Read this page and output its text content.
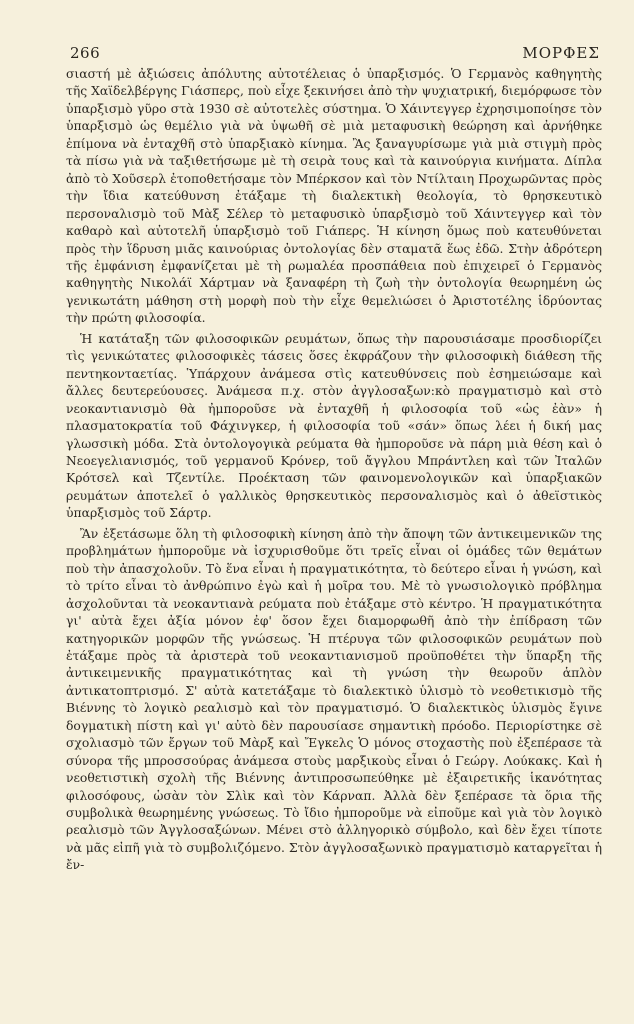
266	ΜΟΡΦΕΣ

σιαστή μὲ ἀξιώσεις ἀπόλυτης αὐτοτέλειας ὁ ὑπαρξισμός. Ὁ Γερμανὸς καθηγητὴς τῆς Χαϊδελβέργης Γιάσπερς, ποὺ εἶχε ξεκινήσει ἀπὸ τὴν ψυχιατρική, διεμόρφωσε τὸν ὑπαρξισμὸ γῦρο στὰ 1930 σὲ αὐτοτελὲς σύστημα. Ὁ Χάιντεγγερ ἐχρησιμοποίησε τὸν ὑπαρξισμὸ ὡς θεμέλιο γιὰ νὰ ὑψωθῆ σὲ μιὰ μεταφυσικὴ θεώρηση καὶ ἀρνήθηκε ἐπίμονα νὰ ἐνταχθῆ στὸ ὑπαρξιακὸ κίνημα. Ἂς ξαναγυρίσωμε γιὰ μιὰ στιγμὴ πρὸς τὰ πίσω γιὰ νὰ ταξιθετήσωμε μὲ τὴ σειρὰ τους καὶ τὰ καινούργια κινήματα. Δίπλα ἀπὸ τὸ Χοῦσερλ ἐτοποθετήσαμε τὸν Μπέρκσον καὶ τὸν Ντίλταιη Προχωρῶντας πρὸς τὴν ἴδια κατεύθυνση ἐτάξαμε τὴ διαλεκτικὴ θεολογία, τὸ θρησκευτικὸ περσοναλισμὸ τοῦ Μὰξ Σέλερ τὸ μεταφυσικὸ ὑπαρξισμὸ τοῦ Χάιντεγγερ καὶ τὸν καθαρὸ καὶ αὐτοτελῆ ὑπαρξισμὸ τοῦ Γιάπερς. Ἡ κίνηση ὅμως ποὺ κατευθύνεται πρὸς τὴν ἵδρυση μιᾶς καινούριας ὀντολογίας δὲν σταματᾶ ἕως ἐδῶ. Στὴν ἀδρότερη τῆς ἐμφάνιση ἐμφανίζεται μὲ τὴ ρωμαλέα προσπάθεια ποὺ ἐπιχειρεῖ ὁ Γερμανὸς καθηγητὴς Νικολάϊ Χάρτμαν νὰ ξαναφέρη τὴ ζωὴ τὴν ὀντολογία θεωρημένη ὡς γενικωτάτη μάθηση στὴ μορφὴ ποὺ τὴν εἶχε θεμελιώσει ὁ Ἀριστοτέλης ἱδρύοντας τὴν πρώτη φιλοσοφία.

Ἡ κατάταξη τῶν φιλοσοφικῶν ρευμάτων, ὅπως τὴν παρουσιάσαμε προσδιορίζει τὶς γενικώτατες φιλοσοφικὲς τάσεις ὅσες ἐκφράζουν τὴν φιλοσοφικὴ διάθεση τῆς πεντηκονταετίας. Ὑπάρχουν ἀνάμεσα στὶς κατευθύνσεις ποὺ ἐσημειώσαμε καὶ ἄλλες δευτερεύουσες. Ἀνάμεσα π.χ. στὸν ἀγγλοσαξων:κὸ πραγματισμὸ καὶ στὸ νεοκαντιανισμὸ θὰ ἠμποροῦσε νὰ ἐνταχθῆ ἡ φιλοσοφία τοῦ «ὡς ἐὰν» ἡ πλασματοκρατία τοῦ Φάχινγκερ, ἡ φιλοσοφία τοῦ «σάν» ὅπως λέει ἡ δική μας γλωσσικὴ μόδα. Στὰ ὀντολογογικὰ ρεύματα θὰ ἠμποροῦσε νὰ πάρη μιὰ θέση καὶ ὁ Νεοεγελιανισμός, τοῦ γερμανοῦ Κρόνερ, τοῦ ἄγγλου Μπράντλεη καὶ τῶν Ἰταλῶν Κρότσελ καὶ Τζεντίλε. Προέκταση τῶν φαινομενολογικῶν καὶ ὑπαρξιακῶν ρευμάτων ἀποτελεῖ ὁ γαλλικὸς θρησκευτικὸς περσοναλισμὸς καὶ ὁ ἀθεϊστικὸς ὑπαρξισμὸς τοῦ Σάρτρ.

Ἂν ἐξετάσωμε ὅλη τὴ φιλοσοφικὴ κίνηση ἀπὸ τὴν ἄποψη τῶν ἀντικειμενικῶν της προβλημάτων ἠμποροῦμε νὰ ἰσχυρισθοῦμε ὅτι τρεῖς εἶναι οἱ ὁμάδες τῶν θεμάτων ποὺ τὴν ἀπασχολοῦν. Τὸ ἕνα εἶναι ἡ πραγματικότητα, τὸ δεύτερο εἶναι ἡ γνώση, καὶ τὸ τρίτο εἶναι τὸ ἀνθρώπινο ἐγὼ καὶ ἡ μοῖρα του. Μὲ τὸ γνωσιολογικὸ πρόβλημα ἀσχολοῦνται τὰ νεοκαντιανὰ ρεύματα ποὺ ἐτάξαμε στὸ κέντρο. Ἡ πραγματικότητα γι' αὐτὰ ἔχει ἀξία μόνον ἐφ' ὅσον ἔχει διαμορφωθῆ ἀπὸ τὴν ἐπίδραση τῶν κατηγορικῶν μορφῶν τῆς γνώσεως. Ἡ πτέρυγα τῶν φιλοσοφικῶν ρευμάτων ποὺ ἐτάξαμε πρὸς τὰ ἀριστερὰ τοῦ νεοκαντιανισμοῦ προϋποθέτει τὴν ὕπαρξη τῆς ἀντικειμενικῆς πραγματικότητας καὶ τὴ γνώση τὴν θεωροῦν ἁπλὸν ἀντικατοπτρισμό. Σ' αὐτὰ κατετάξαμε τὸ διαλεκτικὸ ὑλισμὸ τὸ νεοθετικισμὸ τῆς Βιέννης τὸ λογικὸ ρεαλισμὸ καὶ τὸν πραγματισμό. Ὁ διαλεκτικὸς ὑλισμὸς ἔγινε δογματικὴ πίστη καὶ γι' αὐτὸ δὲν παρουσίασε σημαντικὴ πρόοδο. Περιορίστηκε σὲ σχολιασμὸ τῶν ἔργων τοῦ Μὰρξ καὶ Ἔγκελς Ὁ μόνος στοχαστὴς ποὺ ἐξεπέρασε τὰ σύνορα τῆς μπροσσούρας ἀνάμεσα στοὺς μαρξικοὺς εἶναι ὁ Γεώργ. Λούκακς. Καὶ ἡ νεοθετιστικὴ σχολὴ τῆς Βιέννης ἀντιπροσωπεύθηκε μὲ ἐξαιρετικῆς ἱκανότητας φιλοσόφους, ὡσὰν τὸν Σλὶκ καὶ τὸν Κάρναπ. Ἀλλὰ δὲν ξεπέρασε τὰ ὅρια τῆς συμβολικὰ θεωρημένης γνώσεως. Τὸ ἴδιο ἠμποροῦμε νὰ εἰποῦμε καὶ γιὰ τὸν λογικὸ ρεαλισμὸ τῶν Ἀγγλοσαξώνων. Μένει στὸ ἀλληγορικὸ σύμβολο, καὶ δὲν ἔχει τίποτε νὰ μᾶς εἰπῆ γιὰ τὸ συμβολιζόμενο. Στὸν ἀγγλοσαξωνικὸ πραγματισμὸ καταργεῖται ἡ ἔν-
